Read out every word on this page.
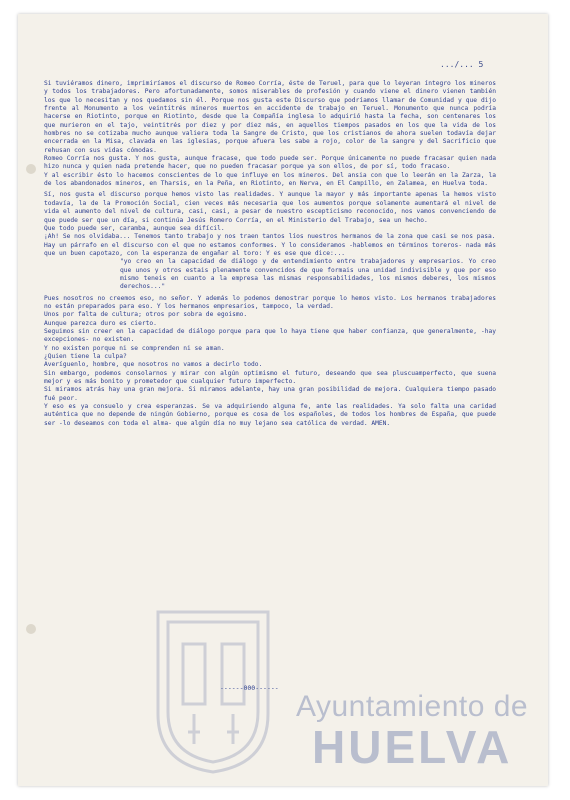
.../... 5

Si tuviéramos dinero, imprimiríamos el discurso de Romeo Corría, éste de Teruel, para que lo leyeran íntegro los mineros y todos los trabajadores. Pero afortunadamente, somos miserables de profesión y cuando viene el dinero vienen también los que lo necesitan y nos quedamos sin él. Porque nos gusta este Discurso que podríamos llamar de Comunidad y que dijo frente al Monumento a los veintitrés mineros muertos en accidente de trabajo en Teruel. Monumento que nunca podría hacerse en Riotinto, porque en Riotinto, desde que la Compañía inglesa lo adquirió hasta la fecha, son centenares los que murieron en el tajo, veintitrés por diez y por diez más, en aquellos tiempos pasados en los que la vida de los hombres no se cotizaba mucho aunque valiera toda la Sangre de Cristo, que los cristianos de ahora suelen todavía dejar encerrada en la Misa, clavada en las iglesias, porque afuera les sabe a rojo, color de la sangre y del Sacrificio que rehusan con sus vidas cómodas.

Romeo Corría nos gusta. Y nos gusta, aunque fracase, que todo puede ser. Porque únicamente no puede fracasar quien nada hizo nunca y quien nada pretende hacer, que no pueden fracasar porque ya son ellos, de por sí, todo fracaso.

Y al escribir ésto lo hacemos conscientes de lo que influye en los mineros. Del ansia con que lo leerán en la Zarza, la de los abandonados mineros, en Tharsis, en la Peña, en Riotinto, en Nerva, en El Campillo, en Zalamea, en Huelva toda.

Sí, nos gusta el discurso porque hemos visto las realidades. Y aunque la mayor y más importante apenas la hemos visto todavía, la de la Promoción Social, cien veces más necesaria que los aumentos porque solamente aumentará el nivel de vida el aumento del nivel de cultura, casi, casi, a pesar de nuestro escepticismo reconocido, nos vamos convenciendo de que puede ser que un día, si continúa Jesús Romero Corría, en el Ministerio del Trabajo, sea un hecho.

Que todo puede ser, caramba, aunque sea difícil.

¡Ah! Se nos olvidaba... Tenemos tanto trabajo y nos traen tantos líos nuestros hermanos de la zona que casi se nos pasa.

Hay un párrafo en el discurso con el que no estamos conformes. Y lo consideramos -hablemos en términos toreros- nada más que un buen capotazo, con la esperanza de engañar al toro: Y es ese que dice:...

"yo creo en la capacidad de diálogo y de entendimiento entre trabajadores y empresarios. Yo creo que unos y otros estais plenamente convencidos de que formais una unidad indivisible y que por eso mismo teneis en cuanto a la empresa las mismas responsabilidades, los mismos deberes, los mismos derechos..."

Pues nosotros no creemos eso, no señor. Y además lo podemos demostrar porque lo hemos visto. Los hermanos trabajadores no están preparados para eso. Y los hermanos empresarios, tampoco, la verdad.

Unos por falta de cultura; otros por sobra de egoismo.

Aunque parezca duro es cierto.

Seguimos sin creer en la capacidad de diálogo porque para que lo haya tiene que haber confianza, que generalmente, -hay excepciones- no existen.

Y no existen porque ni se comprenden ni se aman.

¿Quien tiene la culpa?

Averíguenlo, hombre, que nosotros no vamos a decirlo todo.

Sin embargo, podemos consolarnos y mirar con algún optimismo el futuro, deseando que sea pluscuamperfecto, que suena mejor y es más bonito y prometedor que cualquier futuro imperfecto.

Si miramos atrás hay una gran mejora. Si miramos adelante, hay una gran posibilidad de mejora. Cualquiera tiempo pasado fué peor.

Y eso es ya consuelo y crea esperanzas. Se va adquiriendo alguna fe, ante las realidades. Ya solo falta una caridad auténtica que no depende de ningún Gobierno, porque es cosa de los españoles, de todos los hombres de España, que puede ser -lo deseamos con toda el alma- que algún día no muy lejano sea católica de verdad. AMEN.

------000------
Ayuntamiento de
HUELVA
